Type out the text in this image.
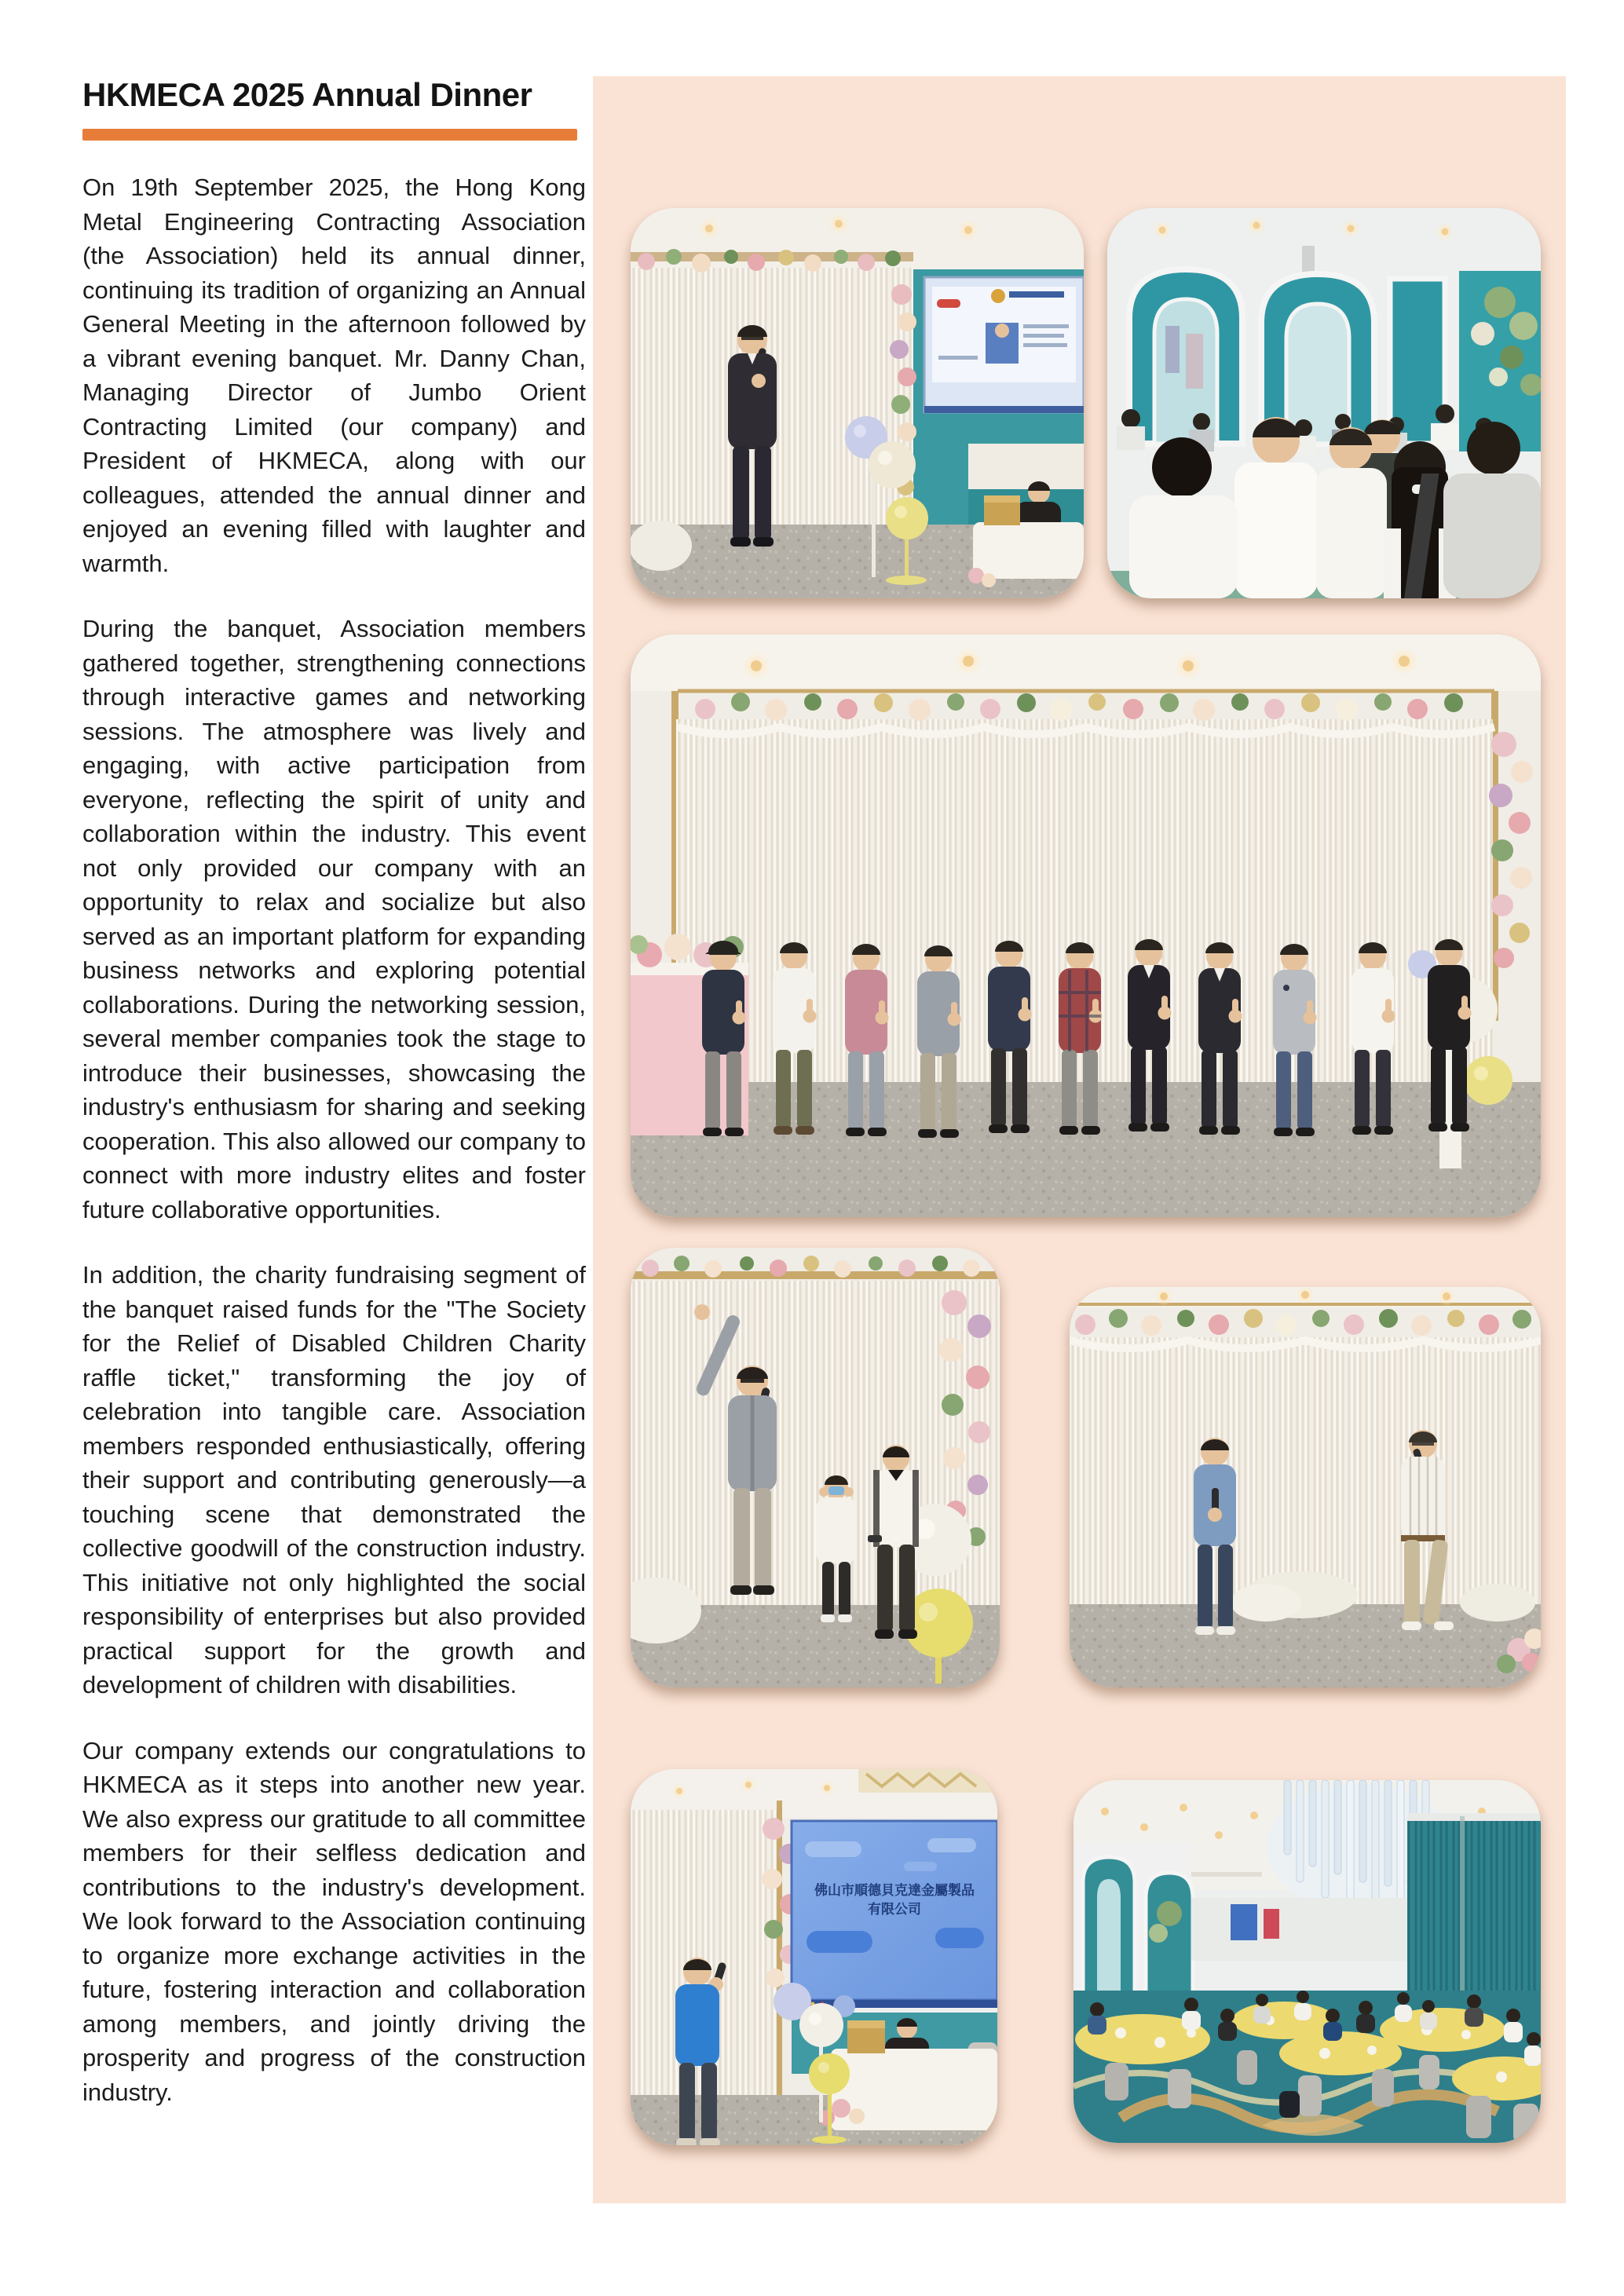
HKMECA 2025 Annual Dinner

On 19th September 2025, the Hong Kong Metal Engineering Contracting Association (the Association) held its annual dinner, continuing its tradition of organizing an Annual General Meeting in the afternoon followed by a vibrant evening banquet. Mr. Danny Chan, Managing Director of Jumbo Orient Contracting Limited (our company) and President of HKMECA, along with our colleagues, attended the annual dinner and enjoyed an evening filled with laughter and warmth.

During the banquet, Association members gathered together, strengthening connections through interactive games and networking sessions. The atmosphere was lively and engaging, with active participation from everyone, reflecting the spirit of unity and collaboration within the industry. This event not only provided our company with an opportunity to relax and socialize but also served as an important platform for expanding business networks and exploring potential collaborations. During the networking session, several member companies took the stage to introduce their businesses, showcasing the industry's enthusiasm for sharing and seeking cooperation. This also allowed our company to connect with more industry elites and foster future collaborative opportunities.

In addition, the charity fundraising segment of the banquet raised funds for the "The Society for the Relief of Disabled Children Charity raffle ticket," transforming the joy of celebration into tangible care. Association members responded enthusiastically, offering their support and contributing generously—a touching scene that demonstrated the collective goodwill of the construction industry. This initiative not only highlighted the social responsibility of enterprises but also provided practical support for the growth and development of children with disabilities.

Our company extends our congratulations to HKMECA as it steps into another new year. We also express our gratitude to all committee members for their selfless dedication and contributions to the industry's development. We look forward to the Association continuing to organize more exchange activities in the future, fostering interaction and collaboration among members, and jointly driving the prosperity and progress of the construction industry.

佛山市順德貝克達金屬製品
有限公司
